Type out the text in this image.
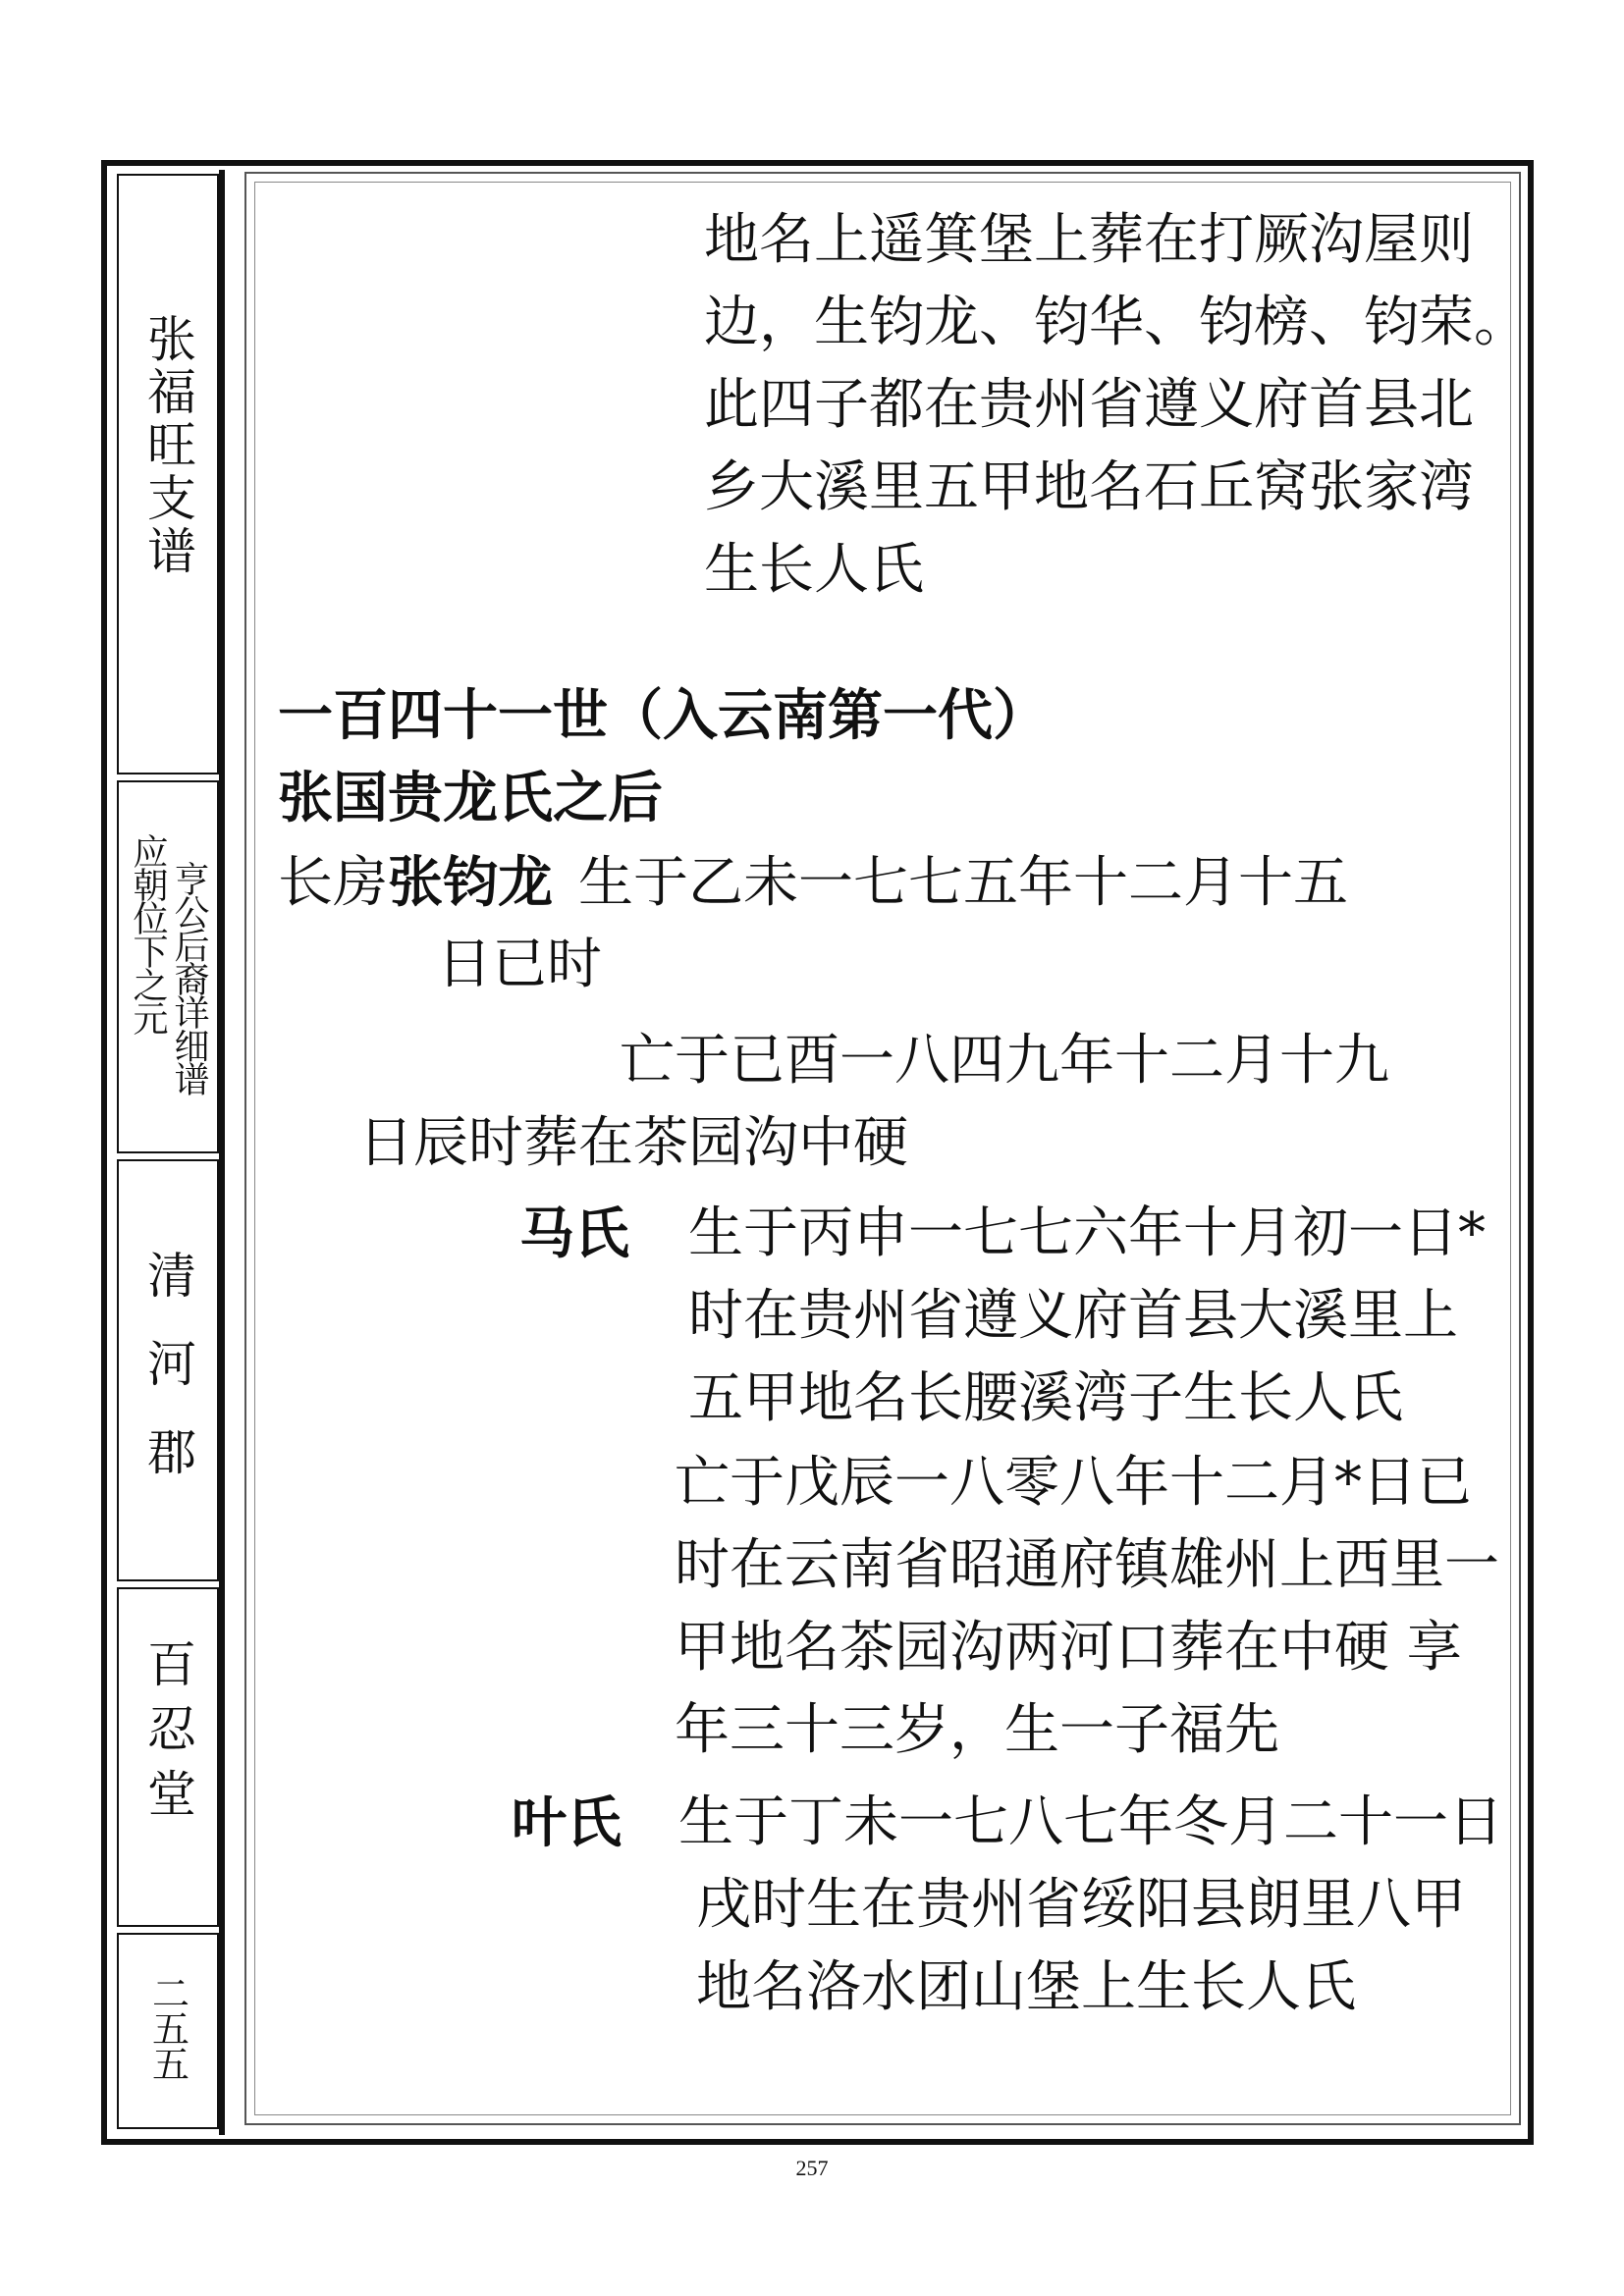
张福旺支谱
亨公后裔详细谱
应朝位下之元
清河郡
百忍堂
二五五
地名上遥箕堡上葬在打厥沟屋则
边，生钧龙、钧华、钧榜、钧荣。
此四子都在贵州省遵义府首县北
乡大溪里五甲地名石丘窝张家湾
生长人氏
一百四十一世（入云南第一代）
张国贵龙氏之后
长房张钧龙 生于乙未一七七五年十二月十五
日已时
亡于已酉一八四九年十二月十九
日辰时葬在茶园沟中硬
马氏 生于丙申一七七六年十月初一日*
时在贵州省遵义府首县大溪里上
五甲地名长腰溪湾子生长人氏
亡于戊辰一八零八年十二月*日已
时在云南省昭通府镇雄州上西里一
甲地名茶园沟两河口葬在中硬 享
年三十三岁，生一子福先
叶氏 生于丁未一七八七年冬月二十一日
戌时生在贵州省绥阳县朗里八甲
地名洛水团山堡上生长人氏
257
